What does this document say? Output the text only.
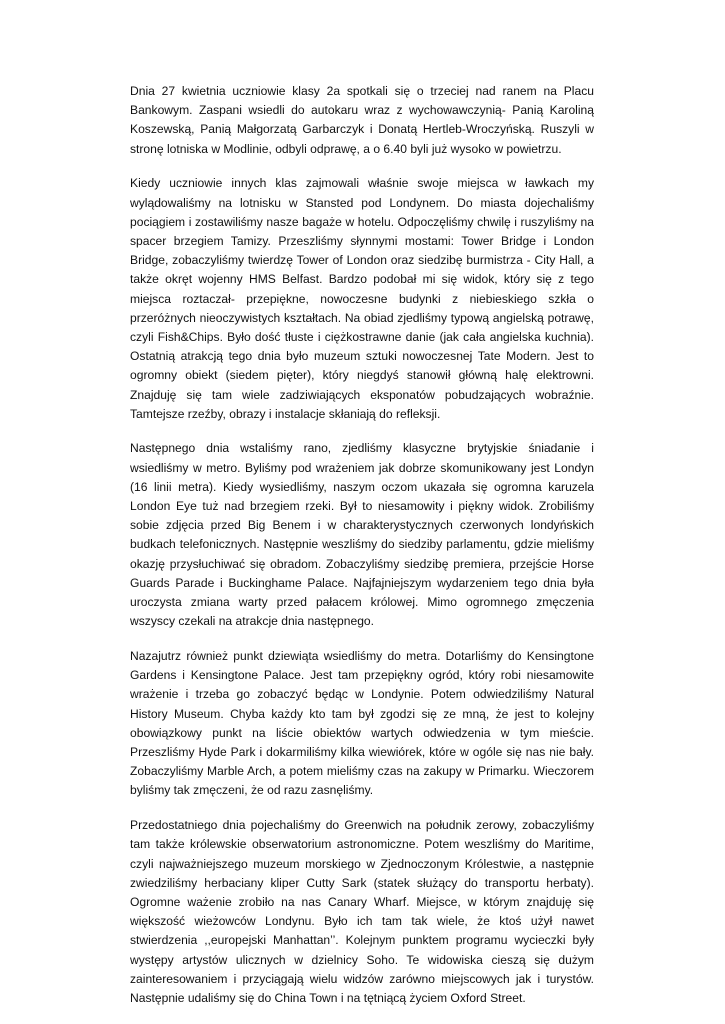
Dnia 27 kwietnia uczniowie klasy 2a spotkali się o trzeciej nad ranem na Placu Bankowym. Zaspani wsiedli do autokaru wraz z wychowawczynią- Panią Karoliną Koszewską, Panią Małgorzatą Garbarczyk i Donatą Hertleb-Wroczyńską. Ruszyli w stronę lotniska w Modlinie, odbyli odprawę, a o 6.40 byli już wysoko w powietrzu.

Kiedy uczniowie innych klas zajmowali właśnie swoje miejsca w ławkach my wylądowaliśmy na lotnisku w Stansted pod Londynem. Do miasta dojechaliśmy pociągiem i zostawiliśmy nasze bagaże w hotelu. Odpoczęliśmy chwilę i ruszyliśmy na spacer brzegiem Tamizy. Przeszliśmy słynnymi mostami: Tower Bridge i London Bridge, zobaczyliśmy twierdzę Tower of London oraz siedzibę burmistrza - City Hall, a także okręt wojenny HMS Belfast. Bardzo podobał mi się widok, który się z tego miejsca roztaczał- przepiękne, nowoczesne budynki z niebieskiego szkła o przeróżnych nieoczywistych kształtach. Na obiad zjedliśmy typową angielską potrawę, czyli Fish&Chips. Było dość tłuste i ciężkostrawne danie (jak cała angielska kuchnia). Ostatnią atrakcją tego dnia było muzeum sztuki nowoczesnej Tate Modern. Jest to ogromny obiekt (siedem pięter), który niegdyś stanowił główną halę elektrowni. Znajduję się tam wiele zadziwiających eksponatów pobudzających wobraźnie. Tamtejsze rzeźby, obrazy i instalacje skłaniają do refleksji.

Następnego dnia wstaliśmy rano, zjedliśmy klasyczne brytyjskie śniadanie i wsiedliśmy w metro. Byliśmy pod wrażeniem jak dobrze skomunikowany jest Londyn (16 linii metra). Kiedy wysiedliśmy, naszym oczom ukazała się ogromna karuzela London Eye tuż nad brzegiem rzeki. Był to niesamowity i piękny widok. Zrobiliśmy sobie zdjęcia przed Big Benem i w charakterystycznych czerwonych londyńskich budkach telefonicznych. Następnie weszliśmy do siedziby parlamentu, gdzie mieliśmy okazję przysłuchiwać się obradom. Zobaczyliśmy siedzibę premiera, przejście Horse Guards Parade i Buckinghame Palace. Najfajniejszym wydarzeniem tego dnia była uroczysta zmiana warty przed pałacem królowej. Mimo ogromnego zmęczenia wszyscy czekali na atrakcje dnia następnego.

Nazajutrz również punkt dziewiąta wsiedliśmy do metra. Dotarliśmy do Kensingtone Gardens i Kensingtone Palace. Jest tam przepiękny ogród, który robi niesamowite wrażenie i trzeba go zobaczyć będąc w Londynie. Potem odwiedziliśmy Natural History Museum. Chyba każdy kto tam był zgodzi się ze mną, że jest to kolejny obowiązkowy punkt na liście obiektów wartych odwiedzenia w tym mieście. Przeszliśmy Hyde Park i dokarmiliśmy kilka wiewiórek, które w ogóle się nas nie bały. Zobaczyliśmy Marble Arch, a potem mieliśmy czas na zakupy w Primarku. Wieczorem byliśmy tak zmęczeni, że od razu zasnęliśmy.

Przedostatniego dnia pojechaliśmy do Greenwich na południk zerowy, zobaczyliśmy tam także królewskie obserwatorium astronomiczne. Potem weszliśmy do Maritime, czyli najważniejszego muzeum morskiego w Zjednoczonym Królestwie, a następnie zwiedziliśmy herbaciany kliper Cutty Sark (statek służący do transportu herbaty). Ogromne ważenie zrobiło na nas Canary Wharf. Miejsce, w którym znajduję się większość wieżowców Londynu. Było ich tam tak wiele, że ktoś użył nawet stwierdzenia ,,europejski Manhattan’’. Kolejnym punktem programu wycieczki były występy artystów ulicznych w dzielnicy Soho. Te widowiska cieszą się dużym zainteresowaniem i przyciągają wielu widzów zarówno miejscowych jak i turystów. Następnie udaliśmy się do China Town i na tętniącą życiem Oxford Street.
